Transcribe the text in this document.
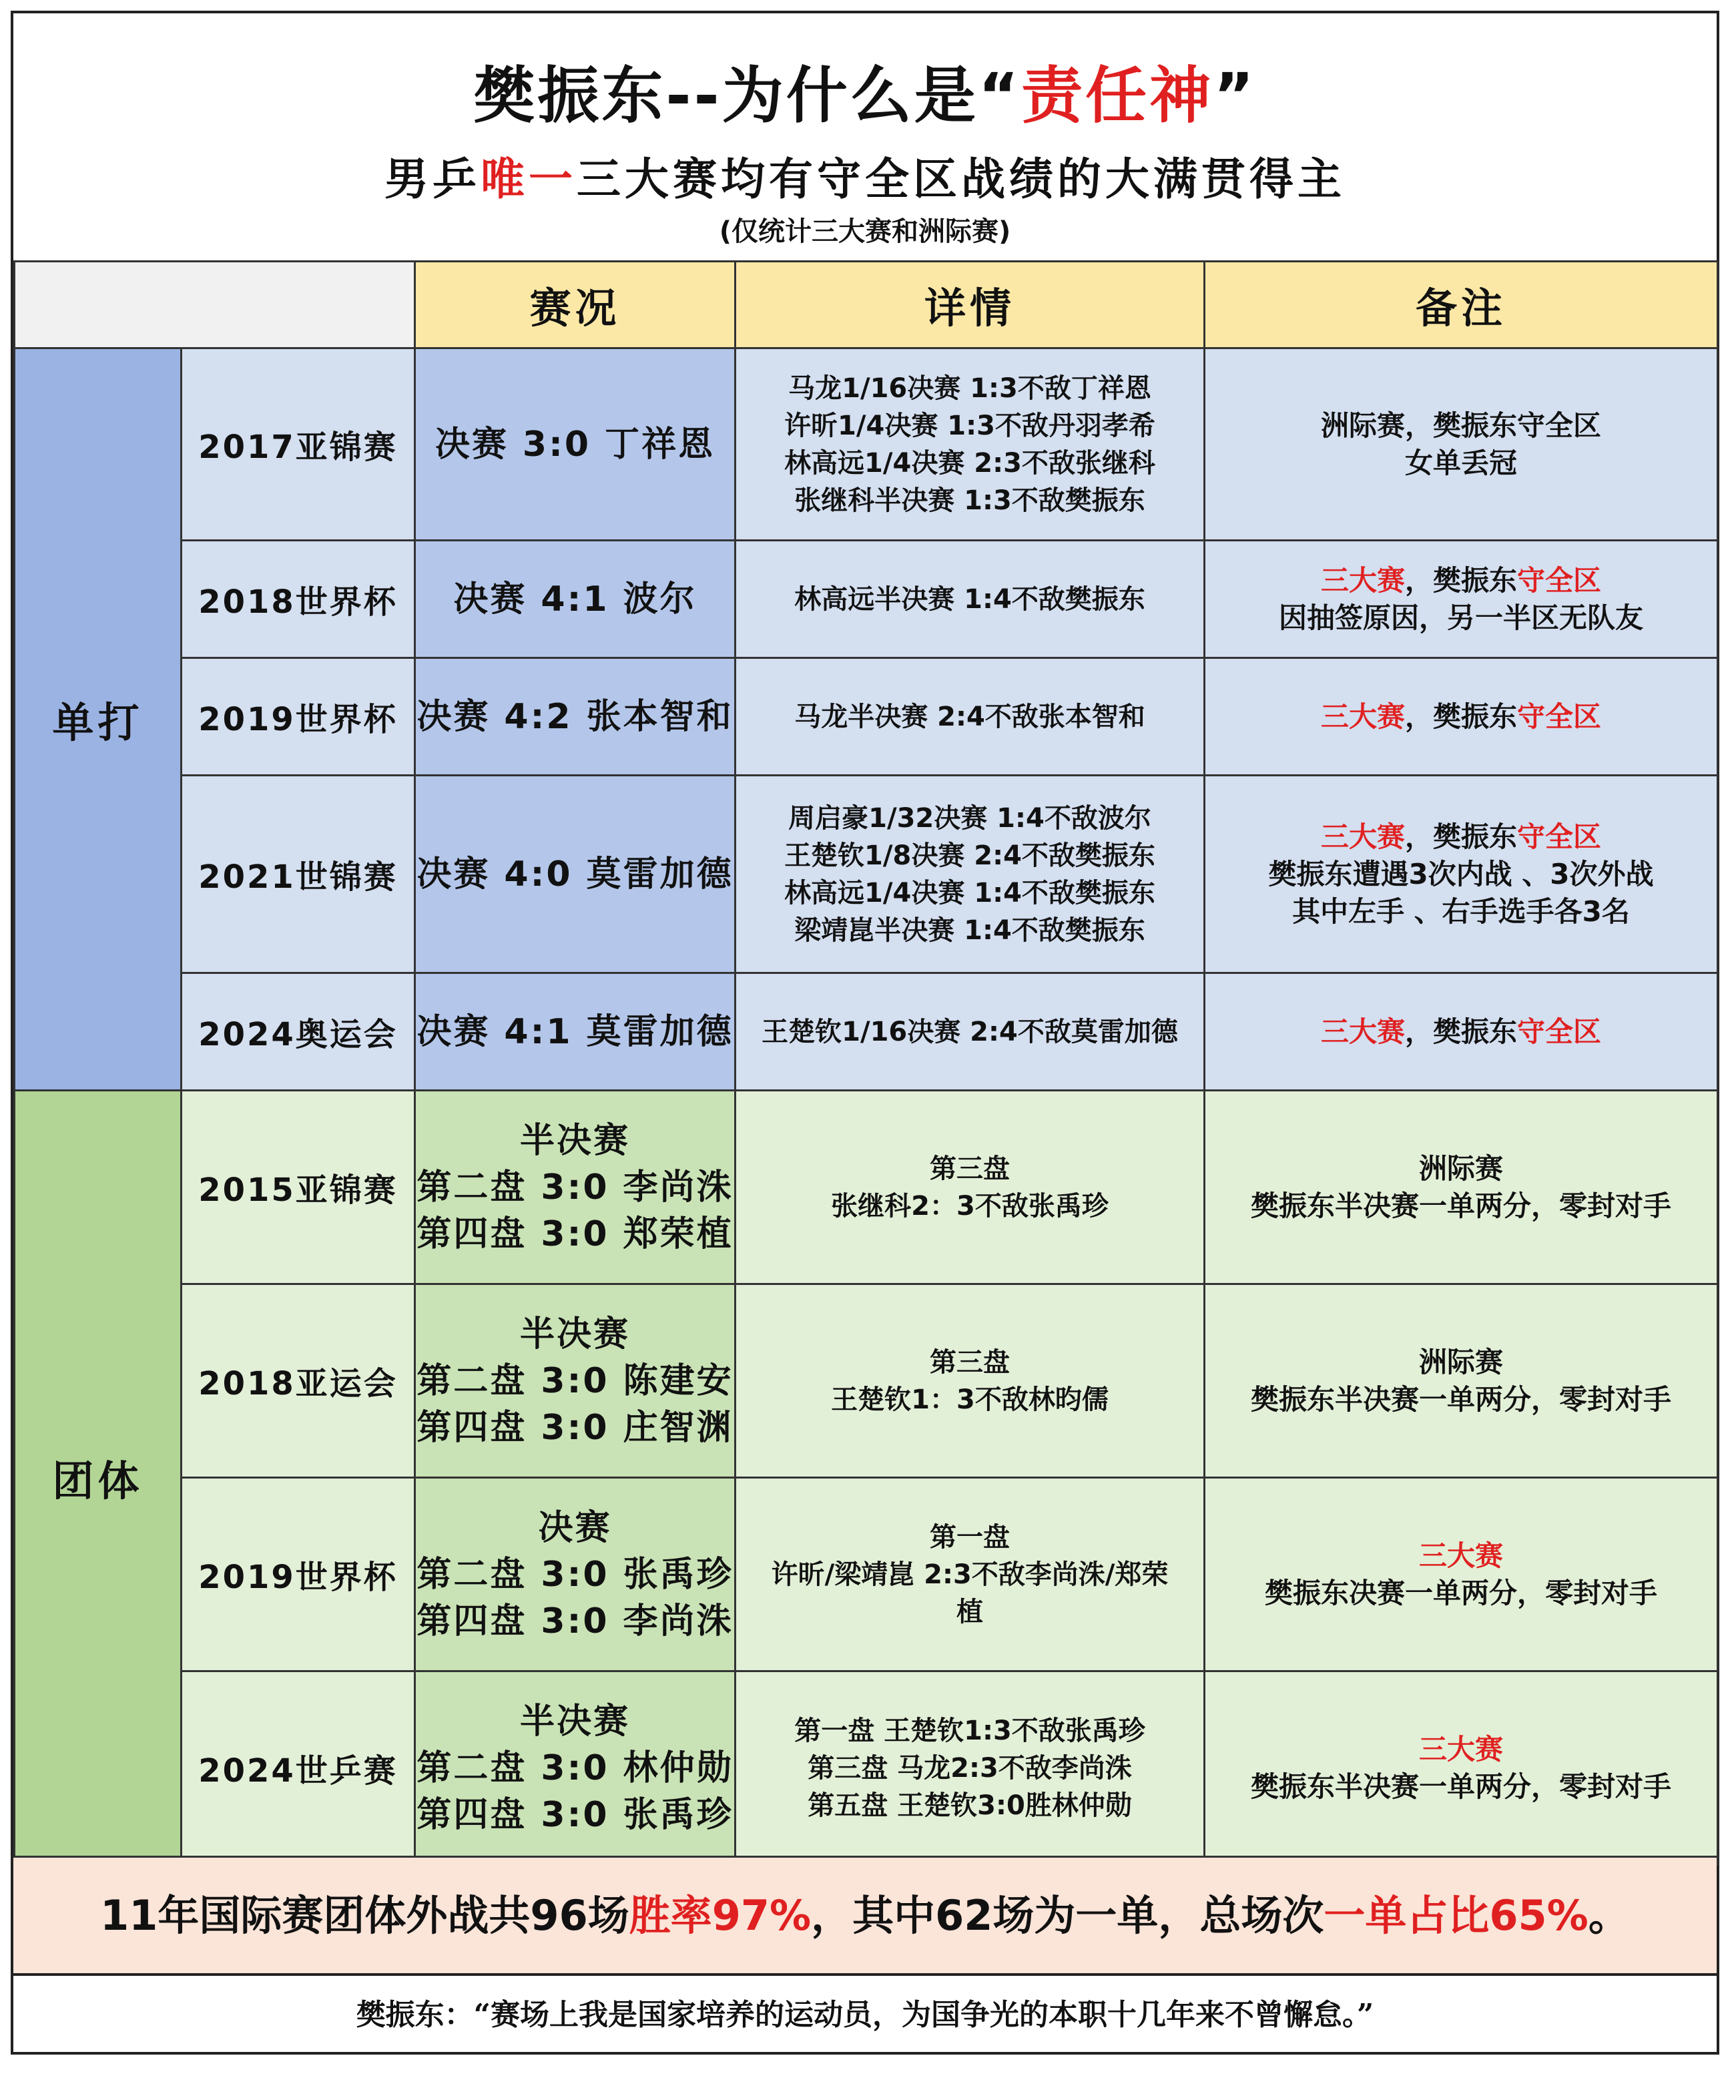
樊振东--为什么是“责任神”
男乒唯一三大赛均有守全区战绩的大满贯得主
(仅统计三大赛和洲际赛)
		赛况	详情	备注
单打	2017亚锦赛	决赛 3:0 丁祥恩	马龙1/16决赛 1:3不敌丁祥恩
许昕1/4决赛 1:3不敌丹羽孝希
林高远1/4决赛 2:3不敌张继科
张继科半决赛 1:3不敌樊振东	洲际赛，樊振东守全区
女单丢冠

	2018世界杯	决赛 4:1 波尔	林高远半决赛 1:4不敌樊振东	三大赛，樊振东守全区
因抽签原因，另一半区无队友

	2019世界杯	决赛 4:2 张本智和	马龙半决赛 2:4不敌张本智和	三大赛，樊振东守全区

	2021世锦赛	决赛 4:0 莫雷加德	周启豪1/32决赛 1:4不敌波尔
王楚钦1/8决赛 2:4不敌樊振东
林高远1/4决赛 1:4不敌樊振东
梁靖崑半决赛 1:4不敌樊振东	三大赛，樊振东守全区
樊振东遭遇3次内战 、3次外战
其中左手 、右手选手各3名

	2024奥运会	决赛 4:1 莫雷加德	王楚钦1/16决赛 2:4不敌莫雷加德	三大赛，樊振东守全区

团体	2015亚锦赛	半决赛
第二盘 3:0 李尚洙
第四盘 3:0 郑荣植	第三盘
张继科2：3不敌张禹珍	洲际赛
樊振东半决赛一单两分，零封对手

	2018亚运会	半决赛
第二盘 3:0 陈建安
第四盘 3:0 庄智渊	第三盘
王楚钦1：3不敌林昀儒	洲际赛
樊振东半决赛一单两分，零封对手

	2019世界杯	决赛
第二盘 3:0 张禹珍
第四盘 3:0 李尚洙	第一盘
许昕/梁靖崑 2:3不敌李尚洙/郑荣
植	三大赛
樊振东决赛一单两分，零封对手

	2024世乒赛	半决赛
第二盘 3:0 林仲勋
第四盘 3:0 张禹珍	第一盘 王楚钦1:3不敌张禹珍
第三盘 马龙2:3不敌李尚洙
第五盘 王楚钦3:0胜林仲勋	三大赛
樊振东半决赛一单两分，零封对手
11年国际赛团体外战共96场胜率97%，其中62场为一单，总场次一单占比65%。
樊振东：“赛场上我是国家培养的运动员，为国争光的本职十几年来不曾懈怠。”
